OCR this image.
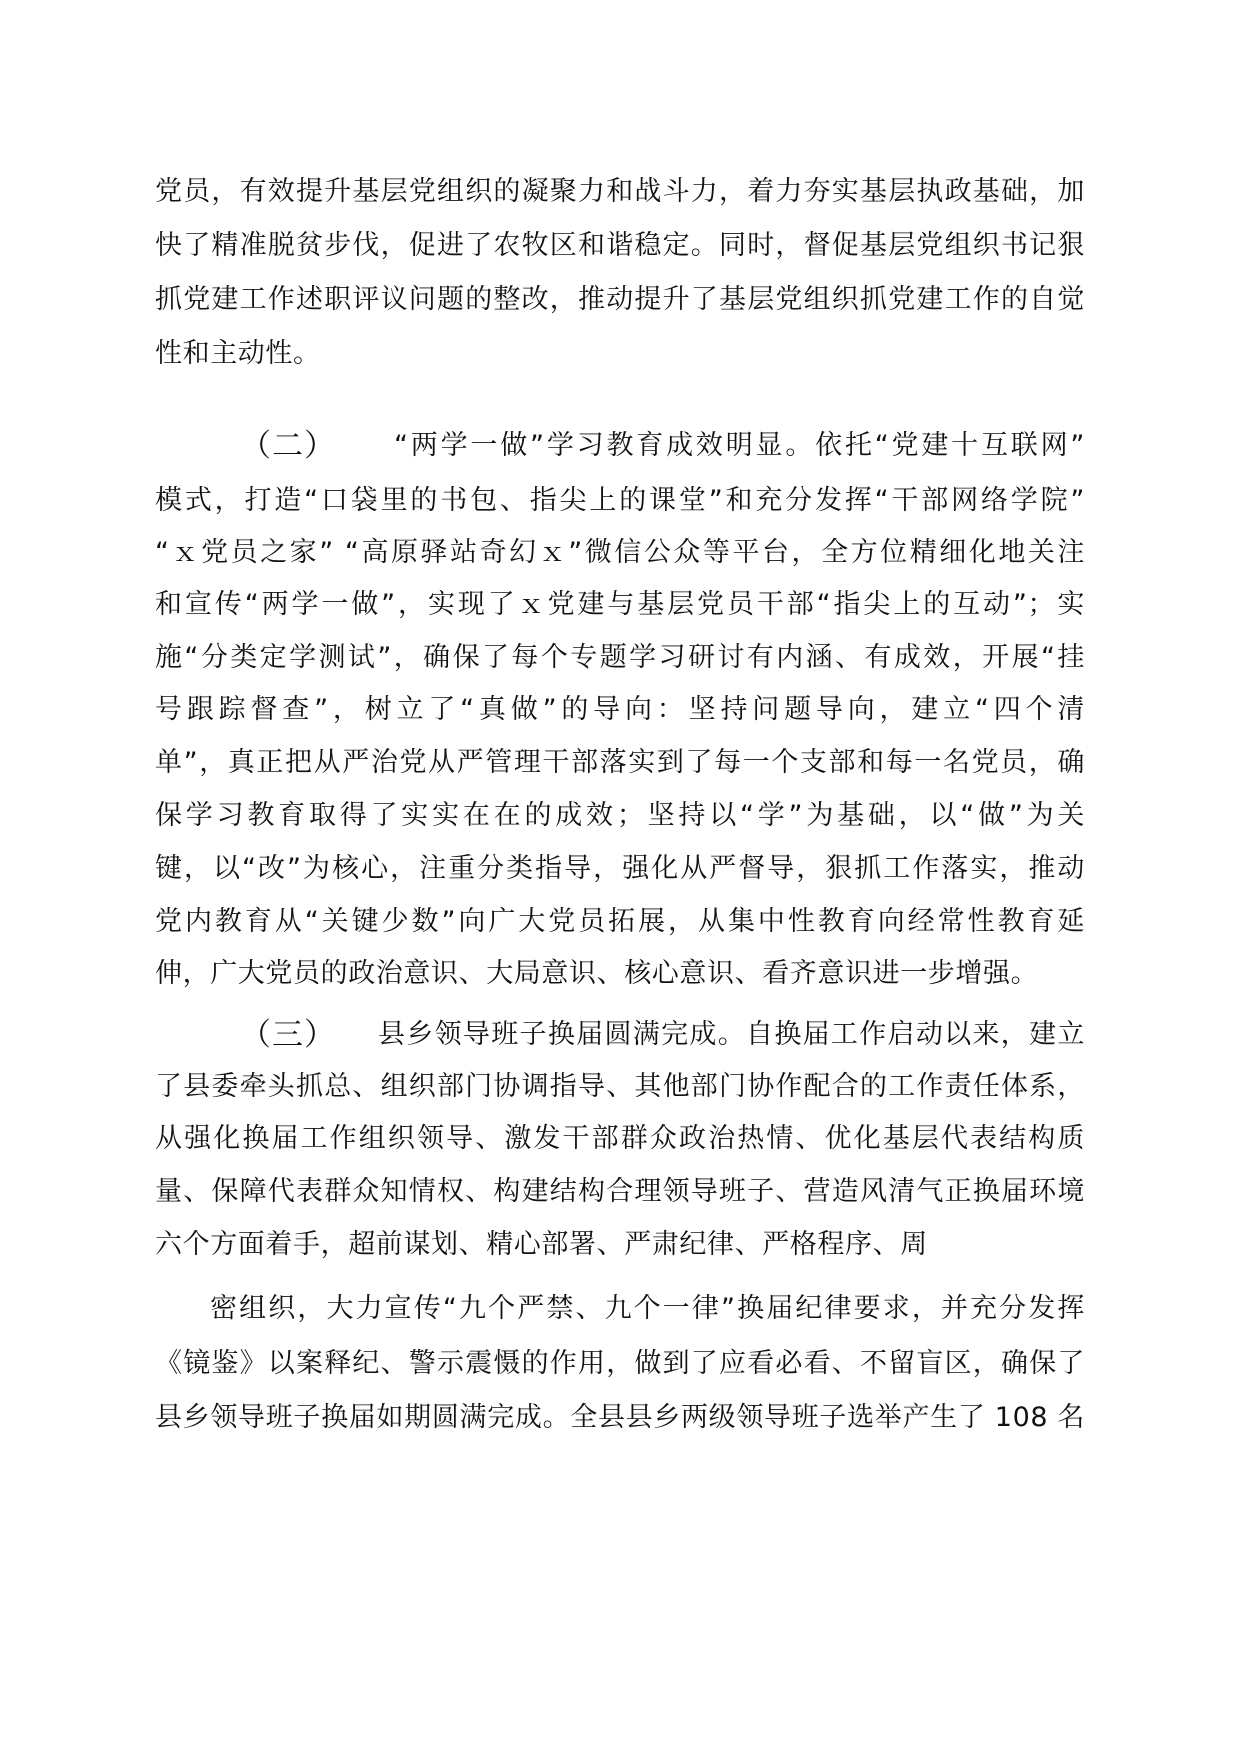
党员，有效提升基层党组织的凝聚力和战斗力，着力夯实基层执政基础，加
快了精准脱贫步伐，促进了农牧区和谐稳定。同时，督促基层党组织书记狠
抓党建工作述职评议问题的整改，推动提升了基层党组织抓党建工作的自觉
性和主动性。
（二） “两学一做”学习教育成效明显。依托“党建十互联网”
模式，打造“口袋里的书包、指尖上的课堂”和充分发挥“干部网络学院”
“ｘ党员之家” “高原驿站奇幻ｘ”微信公众等平台，全方位精细化地关注
和宣传“两学一做”，实现了ｘ党建与基层党员干部“指尖上的互动”；实
施“分类定学测试”，确保了每个专题学习研讨有内涵、有成效，开展“挂
号跟踪督查”，树立了“真做”的导向：坚持问题导向，建立“四个清
单”，真正把从严治党从严管理干部落实到了每一个支部和每一名党员，确
保学习教育取得了实实在在的成效；坚持以“学”为基础，以“做”为关
键，以“改”为核心，注重分类指导，强化从严督导，狠抓工作落实，推动
党内教育从“关键少数”向广大党员拓展，从集中性教育向经常性教育延
伸，广大党员的政治意识、大局意识、核心意识、看齐意识进一步增强。
（三） 县乡领导班子换届圆满完成。自换届工作启动以来，建立
了县委牵头抓总、组织部门协调指导、其他部门协作配合的工作责任体系，
从强化换届工作组织领导、激发干部群众政治热情、优化基层代表结构质
量、保障代表群众知情权、构建结构合理领导班子、营造风清气正换届环境
六个方面着手，超前谋划、精心部署、严肃纪律、严格程序、周
密组织，大力宣传“九个严禁、九个一律”换届纪律要求，并充分发挥
《镜鉴》以案释纪、警示震慑的作用，做到了应看必看、不留盲区，确保了
县乡领导班子换届如期圆满完成。全县县乡两级领导班子选举产生了 108 名
